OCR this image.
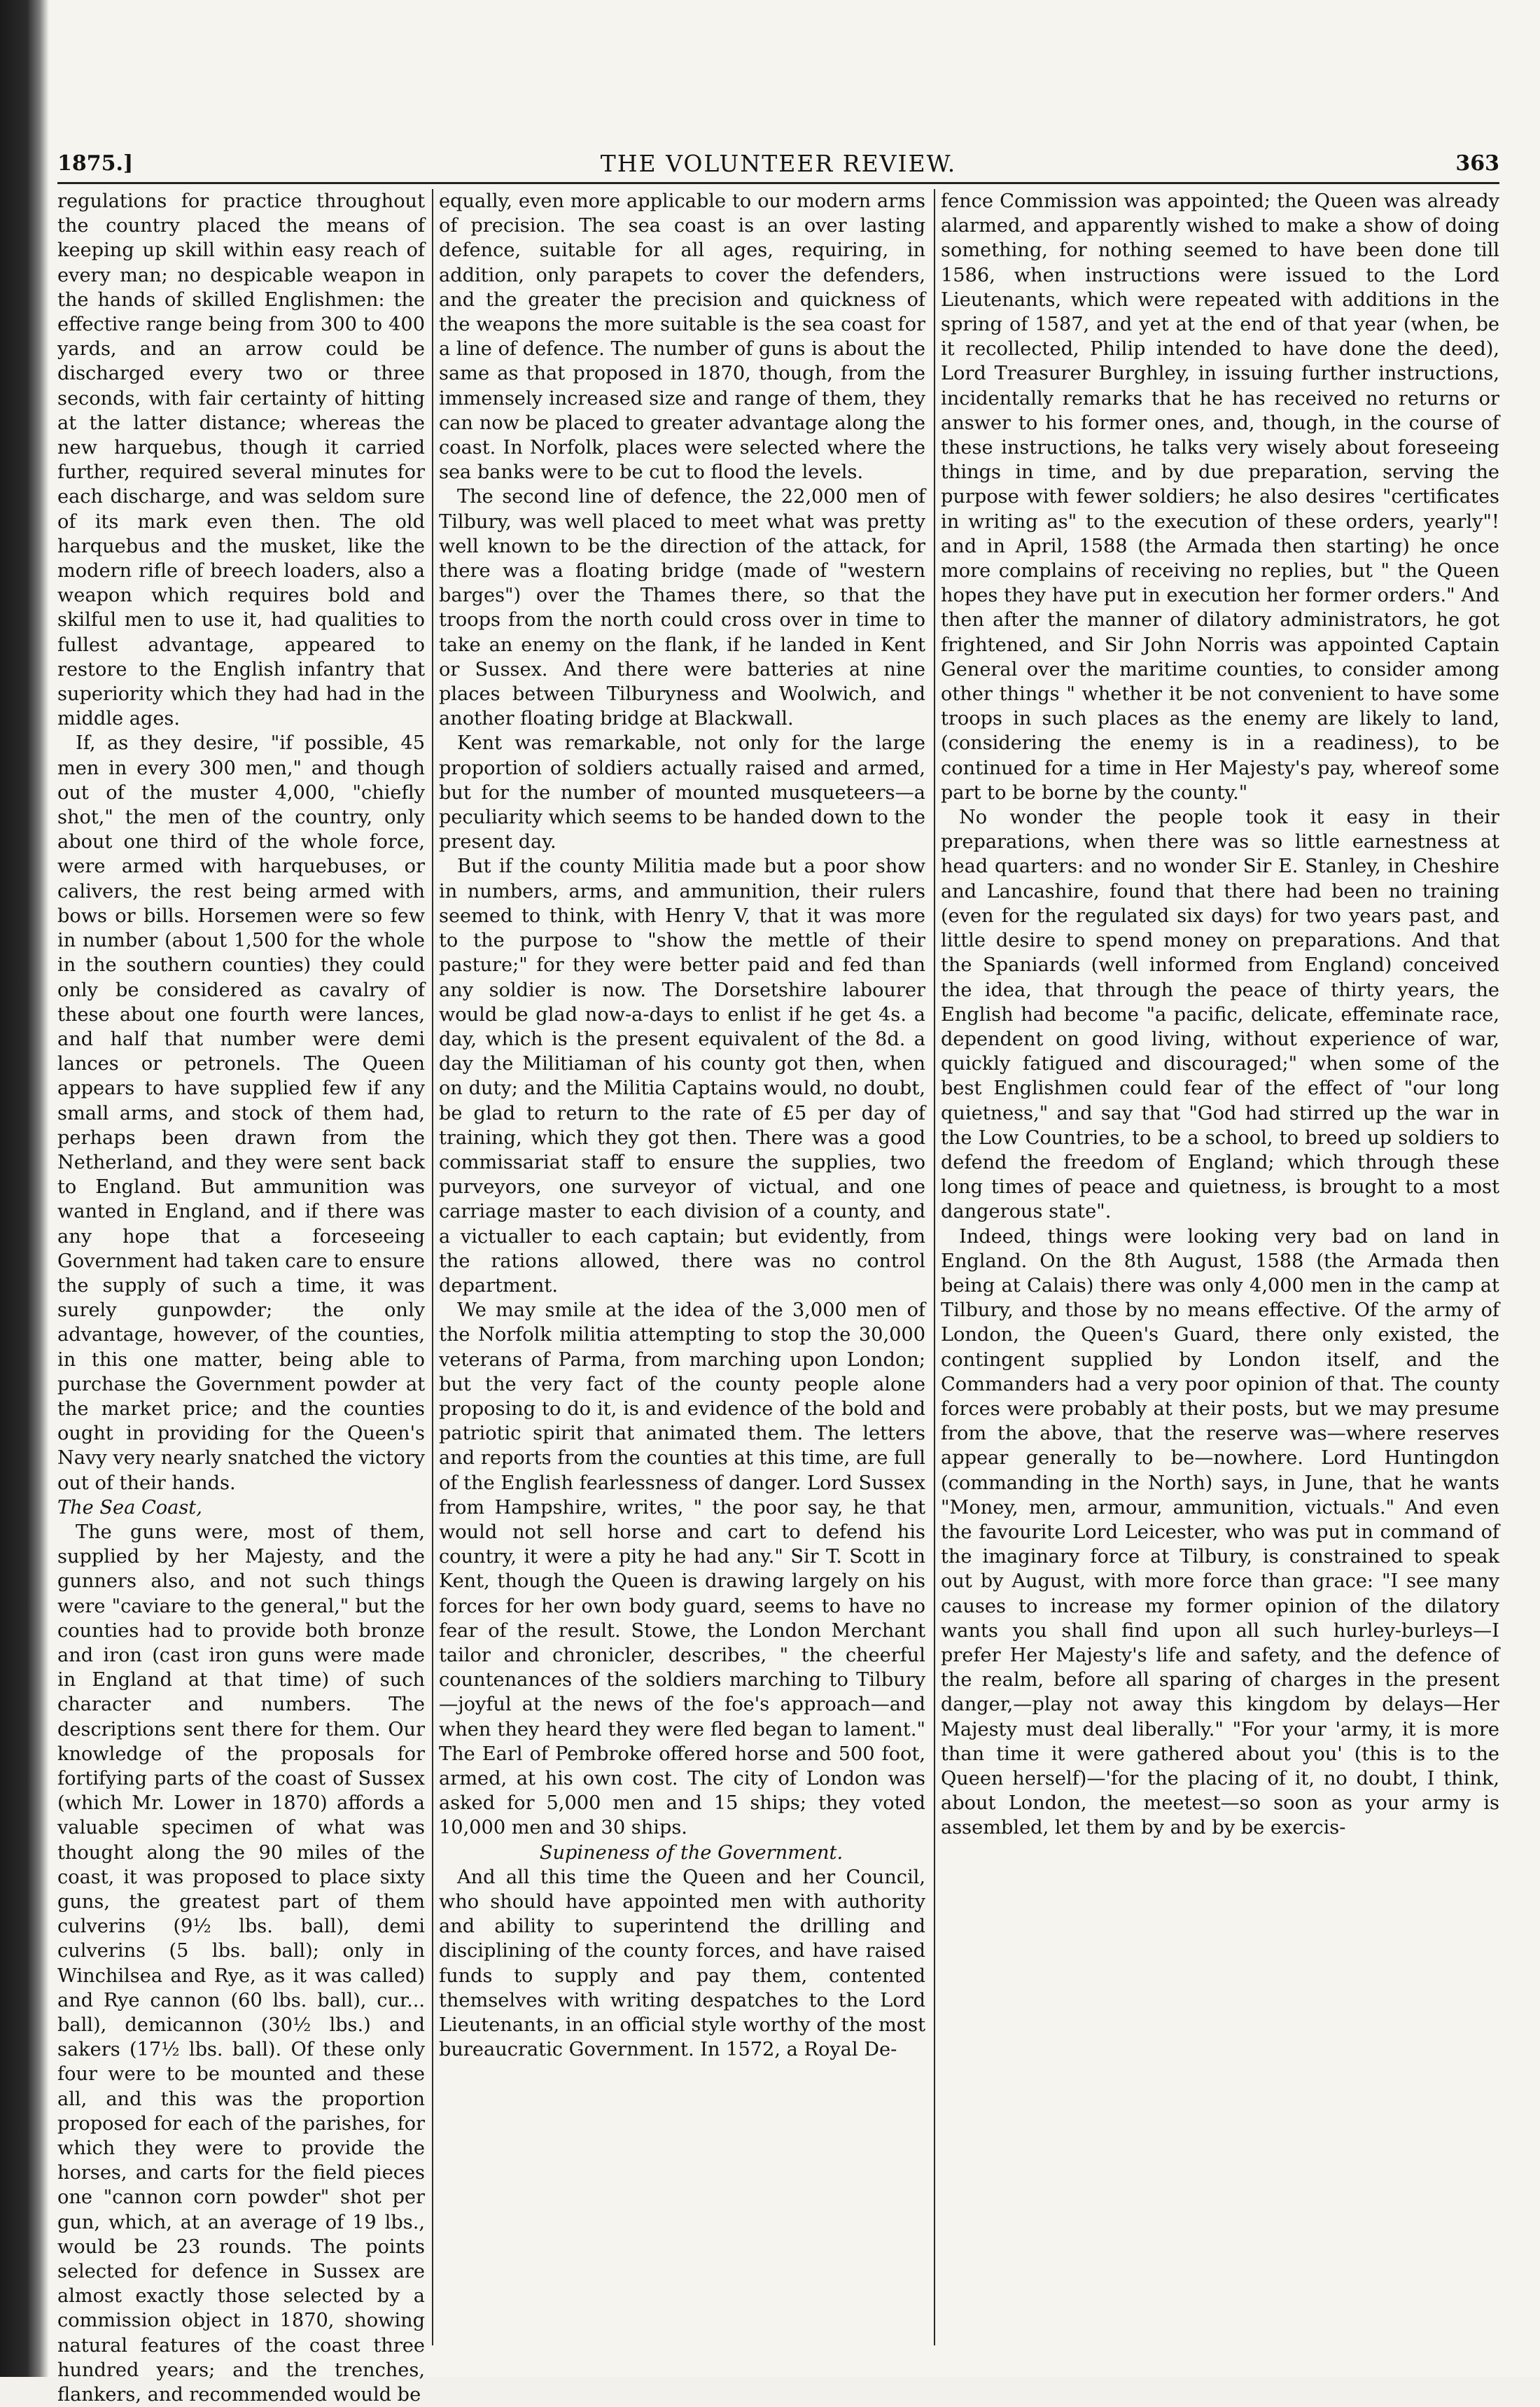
1875.]	THE VOLUNTEER REVIEW.	363

regulations for practice throughout the country placed the means of keeping up skill within easy reach of every man; no despicable weapon in the hands of skilled Englishmen: the effective range being from 300 to 400 yards, and an arrow could be discharged every two or three seconds, with fair certainty of hitting at the latter distance; whereas the new harquebus, though it carried further, required several minutes for each discharge, and was seldom sure of its mark even then. The old harquebus and the musket, like the modern rifle of breech loaders, also a weapon which requires bold and skilful men to use it, had qualities to fullest advantage, appeared to restore to the English infantry that superiority which they had had in the middle ages.

If, as they desire, "if possible, 45 men in every 300 men," and though out of the muster 4,000, "chiefly shot," the men of the country, only about one third of the whole force, were armed with harquebuses, or calivers, the rest being armed with bows or bills. Horsemen were so few in number (about 1,500 for the whole in the southern counties) they could only be considered as cavalry of these about one fourth were lances, and half that number were demi lances or petronels. The Queen appears to have supplied few if any small arms, and stock of them had, perhaps been drawn from the Netherland, and they were sent back to England. But ammunition was wanted in England, and if there was any hope that a forceseeing Government had taken care to ensure the supply of such a time, it was surely gunpowder; the only advantage, however, of the counties, in this one matter, being able to purchase the Government powder at the market price; and the counties ought in providing for the Queen's Navy very nearly snatched the victory out of their hands.

The Sea Coast,

The guns were, most of them, supplied by her Majesty, and the gunners also, and not such things were "caviare to the general," but the counties had to provide both bronze and iron (cast iron guns were made in England at that time) of such character and numbers. The descriptions sent there for them. Our knowledge of the proposals for fortifying parts of the coast of Sussex (which Mr. Lower in 1870) affords a valuable specimen of what was thought along the 90 miles of the coast, it was proposed to place sixty guns, the greatest part of them culverins (9½ lbs. ball), demi culverins (5 lbs. ball); only in Winchilsea and Rye, as it was called) and Rye cannon (60 lbs. ball), cur... ball), demicannon (30½ lbs.) and sakers (17½ lbs. ball). Of these only four were to be mounted and these all, and this was the proportion proposed for each of the parishes, for which they were to provide the horses, and carts for the field pieces one "cannon corn powder" shot per gun, which, at an average of 19 lbs., would be 23 rounds. The points selected for defence in Sussex are almost exactly those selected by a commission object in 1870, showing natural features of the coast three hundred years; and the trenches, flankers, and recommended would be

equally, even more applicable to our modern arms of precision. The sea coast is an over lasting defence, suitable for all ages, requiring, in addition, only parapets to cover the defenders, and the greater the precision and quickness of the weapons the more suitable is the sea coast for a line of defence. The number of guns is about the same as that proposed in 1870, though, from the immensely increased size and range of them, they can now be placed to greater advantage along the coast. In Norfolk, places were selected where the sea banks were to be cut to flood the levels.

The second line of defence, the 22,000 men of Tilbury, was well placed to meet what was pretty well known to be the direction of the attack, for there was a floating bridge (made of "western barges") over the Thames there, so that the troops from the north could cross over in time to take an enemy on the flank, if he landed in Kent or Sussex. And there were batteries at nine places between Tilburyness and Woolwich, and another floating bridge at Blackwall.

Kent was remarkable, not only for the large proportion of soldiers actually raised and armed, but for the number of mounted musqueteers—a peculiarity which seems to be handed down to the present day.

But if the county Militia made but a poor show in numbers, arms, and ammunition, their rulers seemed to think, with Henry V, that it was more to the purpose to "show the mettle of their pasture;" for they were better paid and fed than any soldier is now. The Dorsetshire labourer would be glad now-a-days to enlist if he get 4s. a day, which is the present equivalent of the 8d. a day the Militiaman of his county got then, when on duty; and the Militia Captains would, no doubt, be glad to return to the rate of £5 per day of training, which they got then. There was a good commissariat staff to ensure the supplies, two purveyors, one surveyor of victual, and one carriage master to each division of a county, and a victualler to each captain; but evidently, from the rations allowed, there was no control department.

We may smile at the idea of the 3,000 men of the Norfolk militia attempting to stop the 30,000 veterans of Parma, from marching upon London; but the very fact of the county people alone proposing to do it, is and evidence of the bold and patriotic spirit that animated them. The letters and reports from the counties at this time, are full of the English fearlessness of danger. Lord Sussex from Hampshire, writes, " the poor say, he that would not sell horse and cart to defend his country, it were a pity he had any." Sir T. Scott in Kent, though the Queen is drawing largely on his forces for her own body guard, seems to have no fear of the result. Stowe, the London Merchant tailor and chronicler, describes, " the cheerful countenances of the soldiers marching to Tilbury—joyful at the news of the foe's approach—and when they heard they were fled began to lament." The Earl of Pembroke offered horse and 500 foot, armed, at his own cost. The city of London was asked for 5,000 men and 15 ships; they voted 10,000 men and 30 ships.

Supineness of the Government.

And all this time the Queen and her Council, who should have appointed men with authority and ability to superintend the drilling and disciplining of the county forces, and have raised funds to supply and pay them, contented themselves with writing despatches to the Lord Lieutenants, in an official style worthy of the most bureaucratic Government. In 1572, a Royal De-

fence Commission was appointed; the Queen was already alarmed, and apparently wished to make a show of doing something, for nothing seemed to have been done till 1586, when instructions were issued to the Lord Lieutenants, which were repeated with additions in the spring of 1587, and yet at the end of that year (when, be it recollected, Philip intended to have done the deed), Lord Treasurer Burghley, in issuing further instructions, incidentally remarks that he has received no returns or answer to his former ones, and, though, in the course of these instructions, he talks very wisely about foreseeing things in time, and by due preparation, serving the purpose with fewer soldiers; he also desires "certificates in writing as" to the execution of these orders, yearly"! and in April, 1588 (the Armada then starting) he once more complains of receiving no replies, but " the Queen hopes they have put in execution her former orders." And then after the manner of dilatory administrators, he got frightened, and Sir John Norris was appointed Captain General over the maritime counties, to consider among other things " whether it be not convenient to have some troops in such places as the enemy are likely to land, (considering the enemy is in a readiness), to be continued for a time in Her Majesty's pay, whereof some part to be borne by the county."

No wonder the people took it easy in their preparations, when there was so little earnestness at head quarters: and no wonder Sir E. Stanley, in Cheshire and Lancashire, found that there had been no training (even for the regulated six days) for two years past, and little desire to spend money on preparations. And that the Spaniards (well informed from England) conceived the idea, that through the peace of thirty years, the English had become "a pacific, delicate, effeminate race, dependent on good living, without experience of war, quickly fatigued and discouraged;" when some of the best Englishmen could fear of the effect of "our long quietness," and say that "God had stirred up the war in the Low Countries, to be a school, to breed up soldiers to defend the freedom of England; which through these long times of peace and quietness, is brought to a most dangerous state".

Indeed, things were looking very bad on land in England. On the 8th August, 1588 (the Armada then being at Calais) there was only 4,000 men in the camp at Tilbury, and those by no means effective. Of the army of London, the Queen's Guard, there only existed, the contingent supplied by London itself, and the Commanders had a very poor opinion of that. The county forces were probably at their posts, but we may presume from the above, that the reserve was—where reserves appear generally to be—nowhere. Lord Huntingdon (commanding in the North) says, in June, that he wants "Money, men, armour, ammunition, victuals." And even the favourite Lord Leicester, who was put in command of the imaginary force at Tilbury, is constrained to speak out by August, with more force than grace: "I see many causes to increase my former opinion of the dilatory wants you shall find upon all such hurley-burleys—I prefer Her Majesty's life and safety, and the defence of the realm, before all sparing of charges in the present danger,—play not away this kingdom by delays—Her Majesty must deal liberally." "For your 'army, it is more than time it were gathered about you' (this is to the Queen herself)—'for the placing of it, no doubt, I think, about London, the meetest—so soon as your army is assembled, let them by and by be exercis-
